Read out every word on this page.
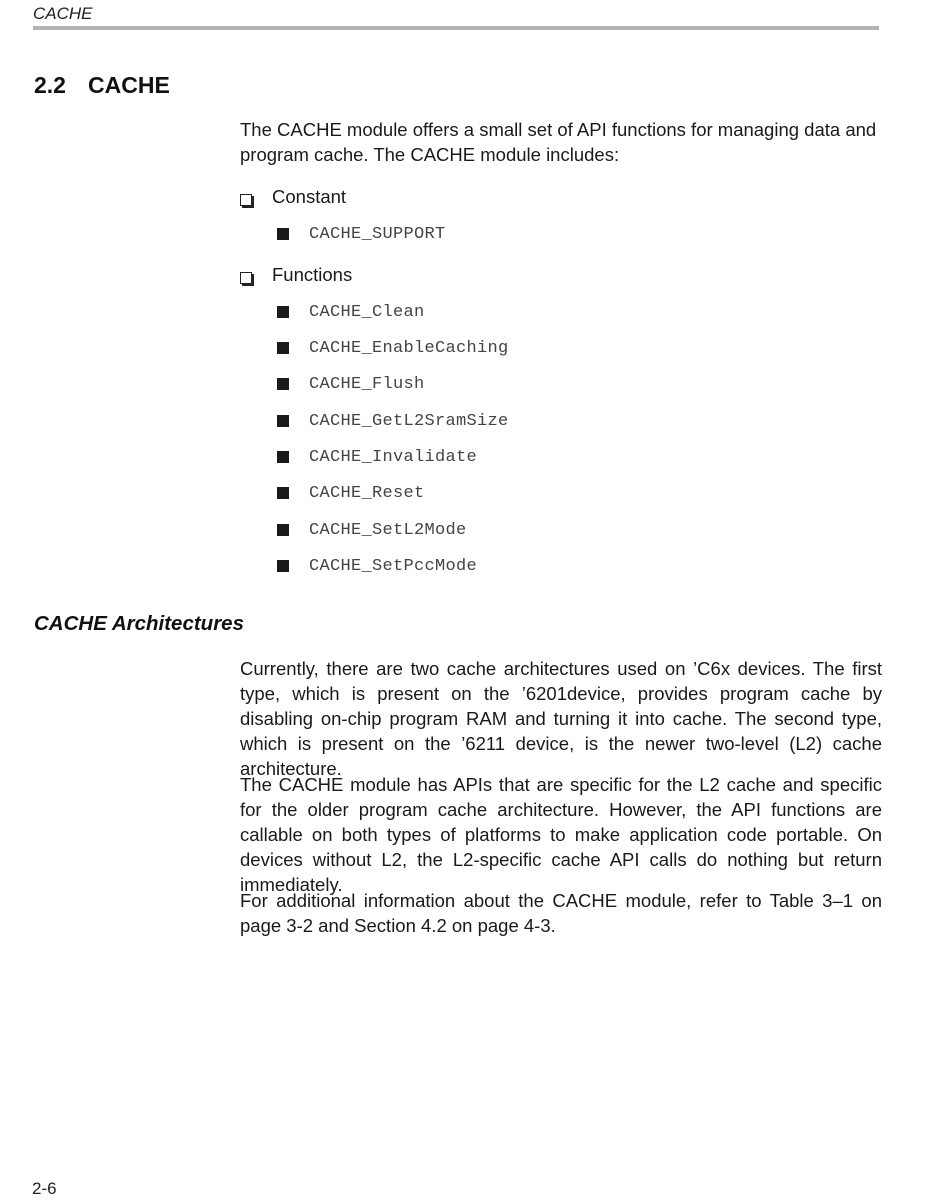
CACHE
2.2 CACHE

The CACHE module offers a small set of API functions for managing data and program cache. The CACHE module includes:

Constant
CACHE_SUPPORT
Functions
CACHE_Clean
CACHE_EnableCaching
CACHE_Flush
CACHE_GetL2SramSize
CACHE_Invalidate
CACHE_Reset
CACHE_SetL2Mode
CACHE_SetPccMode
CACHE Architectures

Currently, there are two cache architectures used on ’C6x devices. The first type, which is present on the ’6201device, provides program cache by disabling on-chip program RAM and turning it into cache. The second type, which is present on the ’6211 device, is the newer two-level (L2) cache architecture.

The CACHE module has APIs that are specific for the L2 cache and specific for the older program cache architecture. However, the API functions are callable on both types of platforms to make application code portable. On devices without L2, the L2-specific cache API calls do nothing but return immediately.

For additional information about the CACHE module, refer to Table 3–1 on page 3-2 and Section 4.2 on page 4-3.

2-6
